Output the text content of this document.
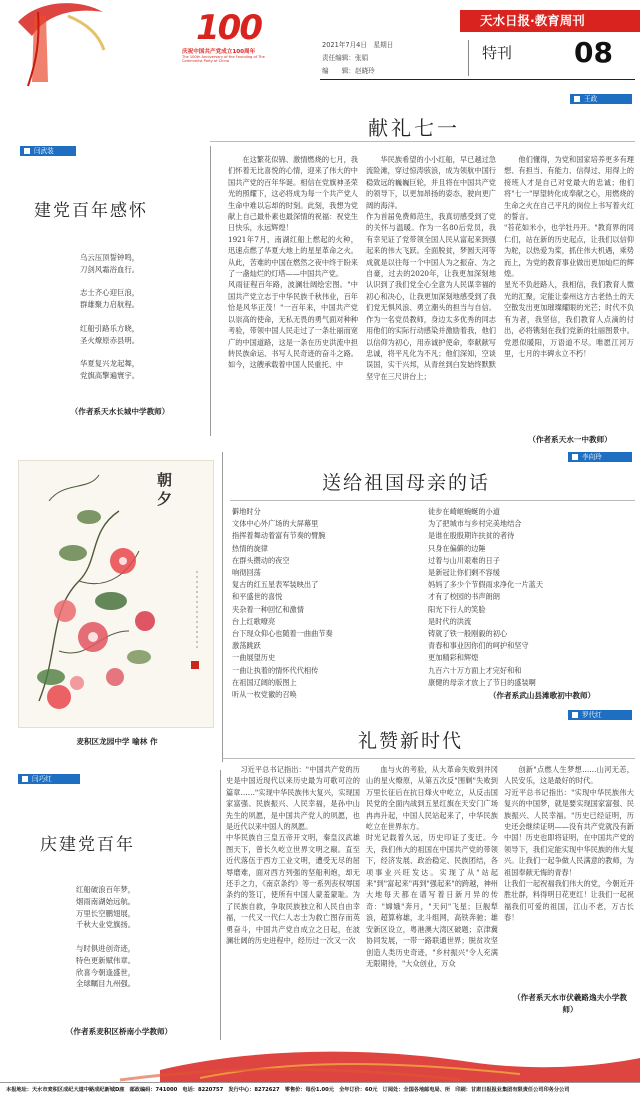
100
庆祝中国共产党成立100周年
The 100th Anniversary of the Founding of The Communist Party of China
天水日报·教育周刊
2021年7月4日　星期日
责任编辑：张娟
编　　辑：赵晓玲
特刊 08
王政
献礼七一
闫武装
建党百年感怀
乌云压顶誓钟鸣，
刀剑风霜浴血行。

志士齐心迎巨浪，
群雄聚力启航程。

红船引路乐方晓，
圣火燎原赤县明。

华夏复兴龙起舞，
党旗高擎遍寰宇。
（作者系天水长城中学教师）
在这繁花似锦、激情燃烧的七月，我们怀着无比喜悦的心情，迎来了伟大的中国共产党的百年华诞。相信在党旗神圣荣光的照耀下，这必将成为每一个共产党人生命中难以忘却的时刻。此刻，我想为党献上自己最朴素也最深情的祝福：祝党生日快乐，永远辉煌！
1921年7月，南湖红船上燃起的火种，迅速点燃了华夏大地上的星星革命之火。从此，苦难的中国在燃然之夜中终于盼来了一盏灿烂的灯塔——中国共产党。
风雨征程百年路，波澜壮阔绘宏图。"中国共产党立志于中华民族千秋伟业，百年恰是风华正茂！"一百年来，中国共产党以崇高的使命，无私无畏的勇气面对种种考验，带领中国人民走过了一条壮丽而宽广的中国道路，这是一条在历史洪流中担转民族命运、书写人民奇迹的奋斗之路。如今，这艘承载着中国人民重托、中
华民族希望的小小红船，早已越过急流险滩，穿过惊涛骇浪，成为领航中国行稳致远的巍巍巨轮，并且将在中国共产党的领导下，以更加昂扬的姿态，驶向更广阔的海洋。
作为首届免费师范生，我真切感受到了党的关怀与温暖。作为一名80后党员，我有幸见证了党带领全国人民从富起来到强起来的伟大飞跃。全面脱贫，梦圆天河等成就是以往每一个中国人为之振奋、为之自豪，过去的2020年，让我更加深刻地认识到了我们党全心全意为人民谋幸福的初心和决心，让我更加深刻地感受到了我们党无惧风浪、勇立潮头的担当与自信。作为一名党员教师，身边太多优秀的同志用他们的实际行动感染并激励着我，他们以信仰为初心，用赤诚护使命，奉献献写忠诚，将平凡化为不凡；他们深知，空谈误国，实干兴邦，从青丝到白发始终默默坚守在三尺讲台上；
他们懂得，为党和国家培养更多有理想、有担当、有能力、信得过、用得上的接班人才是自己对党最大的忠诚；他们将"七一"厚望转化成奉献之心，用燃烧的生命之火在自己平凡的岗位上书写着火红的誓言。
"苔花如米小，也学牡丹开。"教育界的同仁们，站在新的历史起点，让我们以信仰为舵，以热爱为桨，抓住伟大机遇，乘势而上，为党的教育事业做出更加灿烂的辉煌。
星光不负赶路人，我相信，我们教育人微光的汇聚，定能让泰州这方古老热土的天空散发出更加璀璨耀眼的光芒；时代不负有为者，我坚信，我们教育人点滴的付出，必将镌刻在我们党新的壮丽图景中。党恩似暖阳，万语道不尽。唯愿江河万里，七月的丰碑永立不朽！
（作者系天水一中教师）
李向玲
送给祖国母亲的话
僻地时分
文体中心外广场的大屏幕里
指挥着舞动着富有节奏的臂腕
热情的旋律
在群头攒动的夜空
响彻回荡
复古的红五星表军装映出了
和平盛世的喜悦
夹杂着一种回忆和激情
台上红歌嘹亮
台下现众仰心也随着一曲曲节奏
激荡跳跃
一曲展望历史
一曲让执着的情怀代代相传
在祖国辽阔的版图上
听从一枚党徽的召唤
徒步在崎岖蜿蜒的小道
为了把城市与乡村完美地结合
是谁在殷殷期许扶贫的者待
只身在偏僻的边陲
过着与山川艰难的日子
是新冠让你们剩不容缓
妈妈了多少个节假雨求净化一片蓝天
才有了校园的书声朗朗
阳光下行人的笑脸
是时代的洪流
铸就了铁一般刚毅的初心
青春和事业因你们的呵护和坚守
更加精彩和辉煌
九百六十万方面上才完好和和
康健的母亲才放上了节日的盛装啊
（作者系武山县滩歌初中教师）
朝夕
麦积区龙园中学 喻林 作
罗代红
礼赞新时代
习近平总书记指出："中国共产党的历史是中国近现代以来历史最为可歌可泣的篇章……"实现中华民族伟大复兴，实现国家富强、民族振兴、人民幸福，是孙中山先生的夙愿，是中国共产党人的夙愿，也是近代以来中国人的夙愿。
中华民族自三皇五帝开文明，秦皇汉武雄图天下，曾长久屹立世界文明之巅。直至近代落伍于西方工业文明，遭受无尽的屈辱磨难，面对西方列强的坚船利炮，却无还手之力，《南京条约》等一系列丧权辱国条约的签订，使所有中国人蒙羞蒙耻。为了民族自救，争取民族独立和人民自由幸福，一代又一代仁人志士为救亡图存而英勇奋斗，中国共产党自成立之日起，在波澜壮阔的历史进程中，经历过一次又一次
血与火的考验，从大革命失败到井冈山的星火燎原，从第五次反"围剿"失败到万里长征后在抗日烽火中屹立，从反击国民党的全面内战到五星红旗在天安门广场冉冉升起，中国人民站起来了，中华民族屹立在世界东方。
时光记载着久远，历史印证了变迁。今天，我们伟大的祖国在中国共产党的带领下，经济发展、政治稳定、民族团结，各项事业兴旺发达。实现了从"站起来"到"富起来"再到"强起来"的跨越，神州大地每天都在谱写着日新月异的传奇："嫦娥"奔月，"天问"飞星；巨舰犁浪，超算称雄，北斗组网，高铁奔驰；雄安新区设立，粤港澳大湾区破题；京津冀协同发展，一带一路联通世界；脱贫攻坚创造人类历史奇迹，"乡村振兴"令人充满无限期待，"大众创业，万众
创新"点燃人生梦想……山河无恙，人民安乐，这是最好的时代。
习近平总书记指出："实现中华民族伟大复兴的中国梦，就是要实现国家富强、民族振兴、人民幸福。"历史已经证明，历史还会继续证明——没有共产党就没有新中国！历史也即将证明，在中国共产党的领导下，我们定能实现中华民族的伟大复兴。让我们一起争做人民满意的教师，为祖国奉献无悔的青春！
让我们一起祝福我们伟大的党，今朝近开胜壮群，料得明日花更红！让我们一起祝福我们可爱的祖国，江山不老，万古长春！
（作者系天水市伏羲路逸夫小学教师）
闫巧红
庆建党百年
红船破浪百年梦，
烟雨南湖始远航。
万里长空鹏翅展，
千秋大业党旗扬。

与时俱进创奇迹，
特色更新赋伟章。
欣喜今朝逢盛世，
全球瞩目九州强。
（作者系麦积区桥南小学教师）
本报地址：天水市麦积区成纪大道中路成纪新城D座　邮政编码：741000　电话：8220757　发行中心：8272627　零售价：每份1.00元　全年订价：60元　订阅处：全国各地邮电局、所　印刷：甘肃日报报业集团有限责任公司印务分公司
